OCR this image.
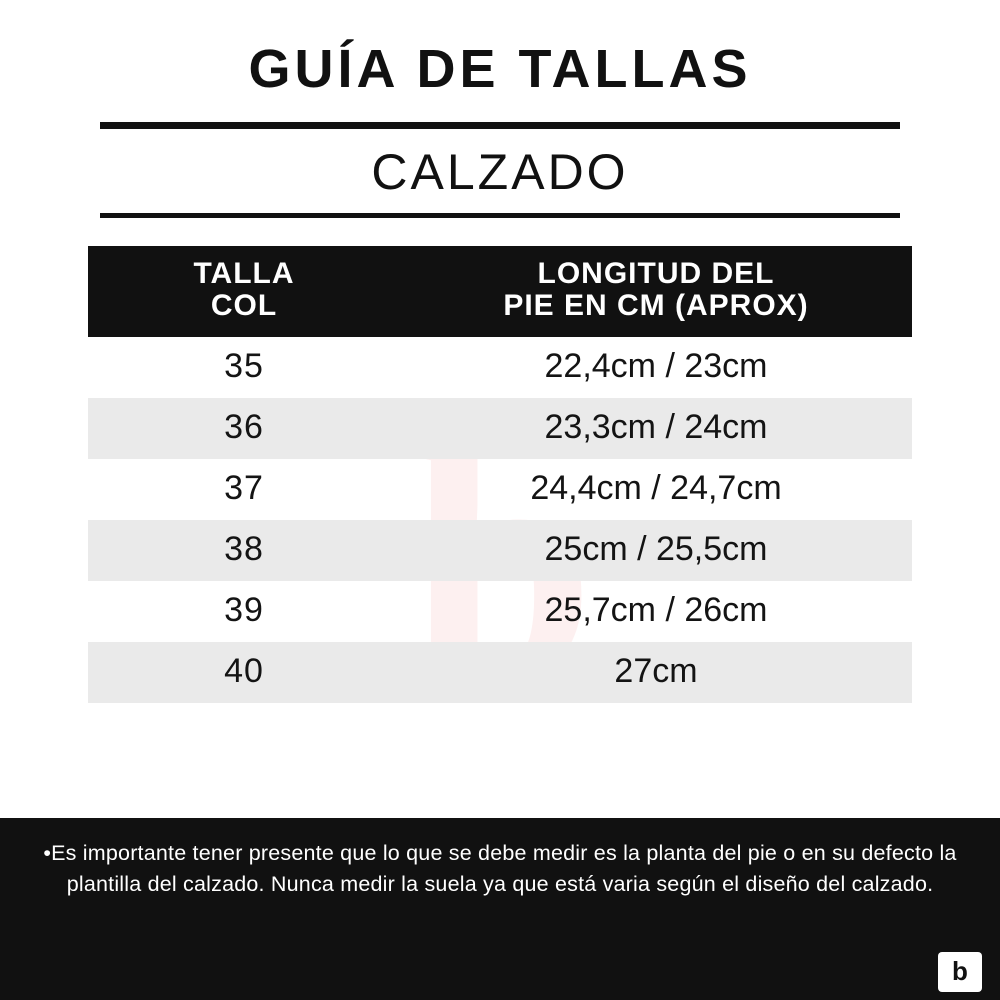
GUÍA DE TALLAS
CALZADO
TALLA
COL

LONGITUD DEL
PIE EN CM (APROX)

35	22,4cm / 23cm
36	23,3cm / 24cm
37	24,4cm / 24,7cm
38	25cm / 25,5cm
39	25,7cm / 26cm
40	27cm
•Es importante tener presente que lo que se debe medir es la planta del pie o en su defecto la plantilla del calzado. Nunca medir la suela ya que está varia según el diseño del calzado.
b
